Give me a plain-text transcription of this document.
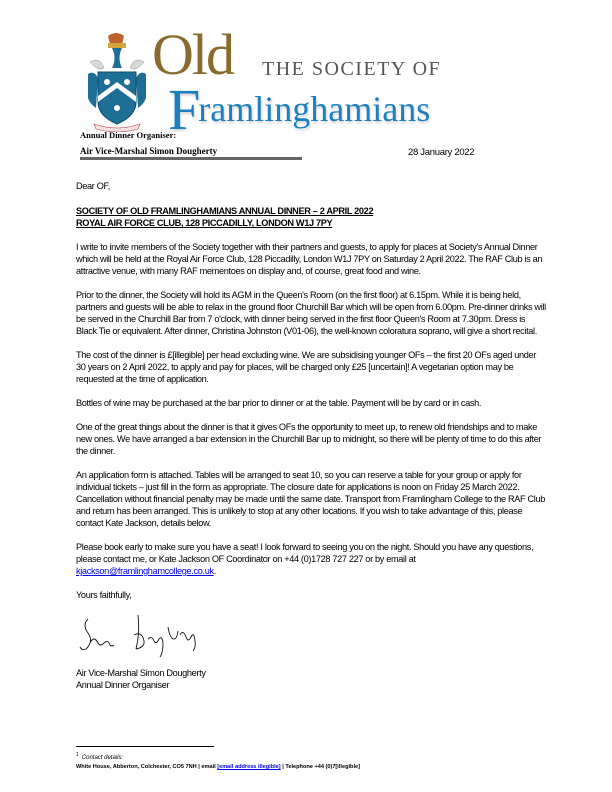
Old THE SOCIETY OF
Framlinghamians
Annual Dinner Organiser:
Air Vice-Marshal Simon Dougherty	28 January 2022

Dear OF,

SOCIETY OF OLD FRAMLINGHAMIANS ANNUAL DINNER – 2 APRIL 2022

ROYAL AIR FORCE CLUB, 128 PICCADILLY, LONDON W1J 7PY

I write to invite members of the Society together with their partners and guests, to apply for places at Society's Annual Dinner which will be held at the Royal Air Force Club, 128 Piccadilly, London W1J 7PY on Saturday 2 April 2022. The RAF Club is an attractive venue, with many RAF mementoes on display and, of course, great food and wine.

Prior to the dinner, the Society will hold its AGM in the Queen's Room (on the first floor) at 6.15pm. While it is being held, partners and guests will be able to relax in the ground floor Churchill Bar which will be open from 6.00pm. Pre-dinner drinks will be served in the Churchill Bar from 7 o'clock, with dinner being served in the first floor Queen's Room at 7.30pm. Dress is Black Tie or equivalent. After dinner, Christina Johnston (V01-06), the well-known coloratura soprano, will give a short recital.

The cost of the dinner is £[illegible] per head excluding wine. We are subsidising younger OFs – the first 20 OFs aged under 30 years on 2 April 2022, to apply and pay for places, will be charged only £25 [uncertain]! A vegetarian option may be requested at the time of application.

Bottles of wine may be purchased at the bar prior to dinner or at the table. Payment will be by card or in cash.

One of the great things about the dinner is that it gives OFs the opportunity to meet up, to renew old friendships and to make new ones. We have arranged a bar extension in the Churchill Bar up to midnight, so there will be plenty of time to do this after the dinner.

An application form is attached. Tables will be arranged to seat 10, so you can reserve a table for your group or apply for individual tickets – just fill in the form as appropriate. The closure date for applications is noon on Friday 25 March 2022. Cancellation without financial penalty may be made until the same date. Transport from Framlingham College to the RAF Club and return has been arranged. This is unlikely to stop at any other locations. If you wish to take advantage of this, please contact Kate Jackson, details below.

Please book early to make sure you have a seat! I look forward to seeing you on the night. Should you have any questions, please contact me, or Kate Jackson OF Coordinator on +44 (0)1728 727 227 or by email at kjackson@framlinghamcollege.co.uk.

Yours faithfully,

Air Vice-Marshal Simon Dougherty

Annual Dinner Organiser

$^1$ Contact details:
White House, Abberton, Colchester, CO5 7NH | email [email address illegible] | Telephone +44 (0)7[illegible]
